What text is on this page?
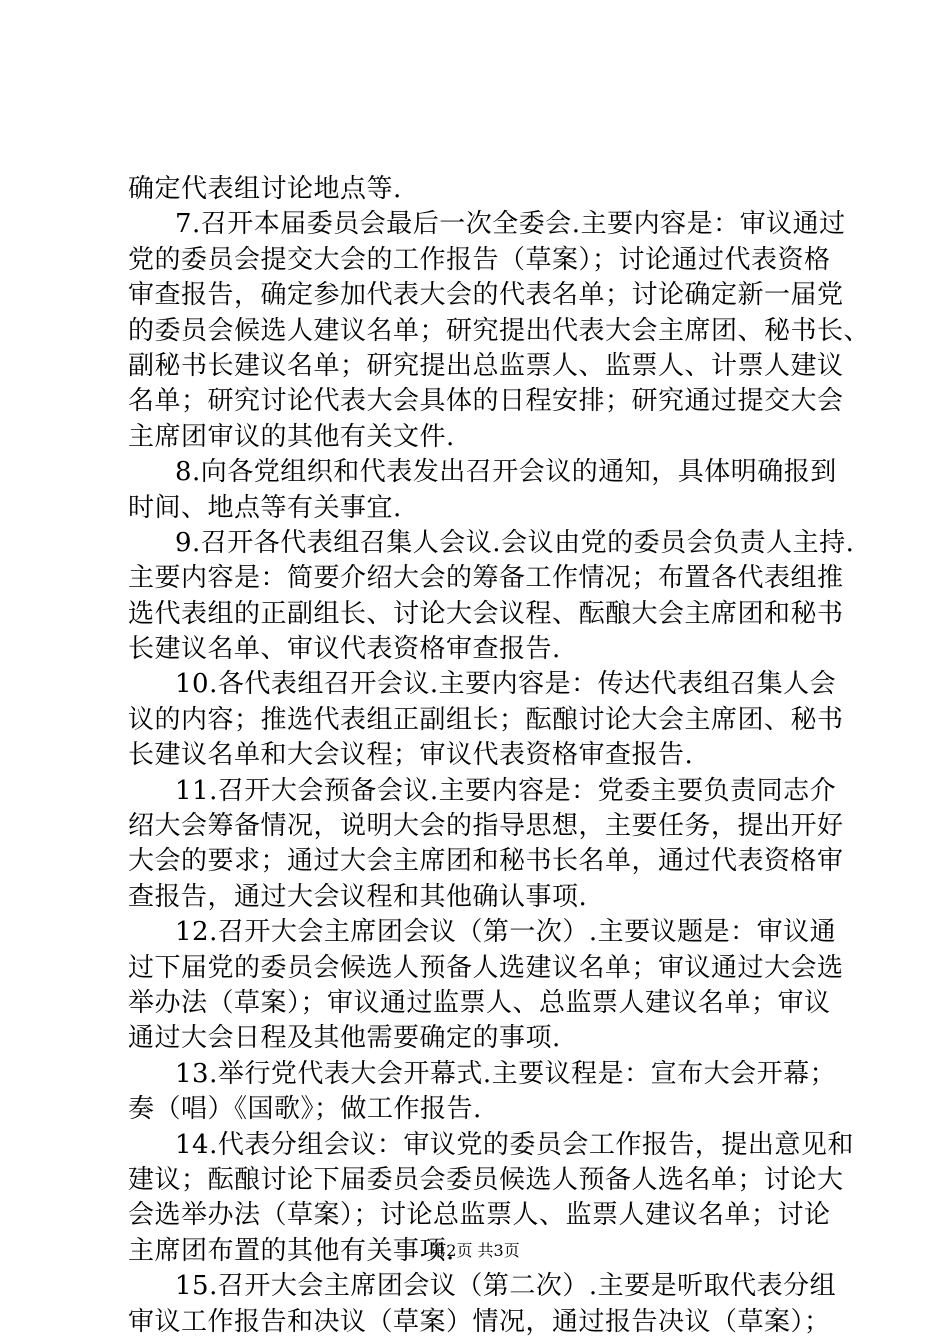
确定代表组讨论地点等.
7.召开本届委员会最后一次全委会.主要内容是：审议通过
党的委员会提交大会的工作报告（草案）；讨论通过代表资格
审查报告，确定参加代表大会的代表名单；讨论确定新一届党
的委员会候选人建议名单；研究提出代表大会主席团、秘书长、
副秘书长建议名单；研究提出总监票人、监票人、计票人建议
名单；研究讨论代表大会具体的日程安排；研究通过提交大会
主席团审议的其他有关文件.
8.向各党组织和代表发出召开会议的通知，具体明确报到
时间、地点等有关事宜.
9.召开各代表组召集人会议.会议由党的委员会负责人主持.
主要内容是：简要介绍大会的筹备工作情况；布置各代表组推
选代表组的正副组长、讨论大会议程、酝酿大会主席团和秘书
长建议名单、审议代表资格审查报告.
10.各代表组召开会议.主要内容是：传达代表组召集人会
议的内容；推选代表组正副组长；酝酿讨论大会主席团、秘书
长建议名单和大会议程；审议代表资格审查报告.
11.召开大会预备会议.主要内容是：党委主要负责同志介
绍大会筹备情况，说明大会的指导思想，主要任务，提出开好
大会的要求；通过大会主席团和秘书长名单，通过代表资格审
查报告，通过大会议程和其他确认事项.
12.召开大会主席团会议（第一次）.主要议题是：审议通
过下届党的委员会候选人预备人选建议名单；审议通过大会选
举办法（草案）；审议通过监票人、总监票人建议名单；审议
通过大会日程及其他需要确定的事项.
13.举行党代表大会开幕式.主要议程是：宣布大会开幕；
奏（唱）《国歌》；做工作报告.
14.代表分组会议：审议党的委员会工作报告，提出意见和
建议；酝酿讨论下届委员会委员候选人预备人选名单；讨论大
会选举办法（草案）；讨论总监票人、监票人建议名单；讨论
主席团布置的其他有关事项.
15.召开大会主席团会议（第二次）.主要是听取代表分组
审议工作报告和决议（草案）情况，通过报告决议（草案）；
第2页 共3页
